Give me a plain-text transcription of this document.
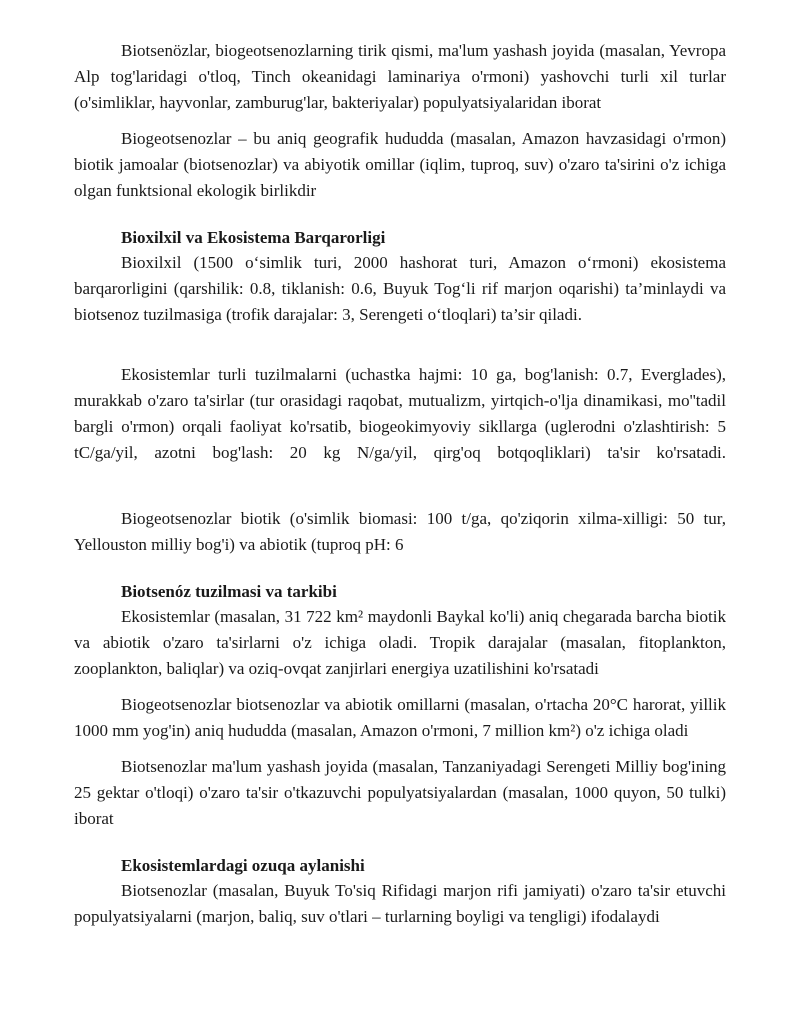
Biotsenözlar, biogeotsenozlarning tirik qismi, ma'lum yashash joyida (masalan, Yevropa Alp tog'laridagi o'tloq, Tinch okeanidagi laminariya o'rmoni) yashovchi turli xil turlar (o'simliklar, hayvonlar, zamburug'lar, bakteriyalar) populyatsiyalaridan iborat

Biogeotsenozlar – bu aniq geografik hududda (masalan, Amazon havzasidagi o'rmon) biotik jamoalar (biotsenozlar) va abiyotik omillar (iqlim, tuproq, suv) o'zaro ta'sirini o'z ichiga olgan funktsional ekologik birlikdir

Bioxilxil va Ekosistema Barqarorligi

Bioxilxil (1500 o‘simlik turi, 2000 hashorat turi, Amazon o‘rmoni) ekosistema barqarorligini (qarshilik: 0.8, tiklanish: 0.6, Buyuk Tog‘li rif marjon oqarishi) ta’minlaydi va biotsenoz tuzilmasiga (trofik darajalar: 3, Serengeti o‘tloqlari) ta’sir qiladi.

Ekosistemlar turli tuzilmalarni (uchastka hajmi: 10 ga, bog'lanish: 0.7, Everglades), murakkab o'zaro ta'sirlar (tur orasidagi raqobat, mutualizm, yirtqich-o'lja dinamikasi, mo''tadil bargli o'rmon) orqali faoliyat ko'rsatib, biogeokimyoviy sikllarga (uglerodni o'zlashtirish: 5 tC/ga/yil, azotni bog'lash: 20 kg N/ga/yil, qirg'oq botqoqliklari) ta'sir ko'rsatadi.

Biogeotsenozlar biotik (o'simlik biomasi: 100 t/ga, qo'ziqorin xilma-xilligi: 50 tur, Yellouston milliy bog'i) va abiotik (tuproq pH: 6

Biotsenóz tuzilmasi va tarkibi

Ekosistemlar (masalan, 31 722 km² maydonli Baykal ko'li) aniq chegarada barcha biotik va abiotik o'zaro ta'sirlarni o'z ichiga oladi. Tropik darajalar (masalan, fitoplankton, zooplankton, baliqlar) va oziq-ovqat zanjirlari energiya uzatilishini ko'rsatadi

Biogeotsenozlar biotsenozlar va abiotik omillarni (masalan, o'rtacha 20°C harorat, yillik 1000 mm yog'in) aniq hududda (masalan, Amazon o'rmoni, 7 million km²) o'z ichiga oladi

Biotsenozlar ma'lum yashash joyida (masalan, Tanzaniyadagi Serengeti Milliy bog'ining 25 gektar o'tloqi) o'zaro ta'sir o'tkazuvchi populyatsiyalardan (masalan, 1000 quyon, 50 tulki) iborat

Ekosistemlardagi ozuqa aylanishi

Biotsenozlar (masalan, Buyuk To'siq Rifidagi marjon rifi jamiyati) o'zaro ta'sir etuvchi populyatsiyalarni (marjon, baliq, suv o'tlari – turlarning boyligi va tengligi) ifodalaydi
